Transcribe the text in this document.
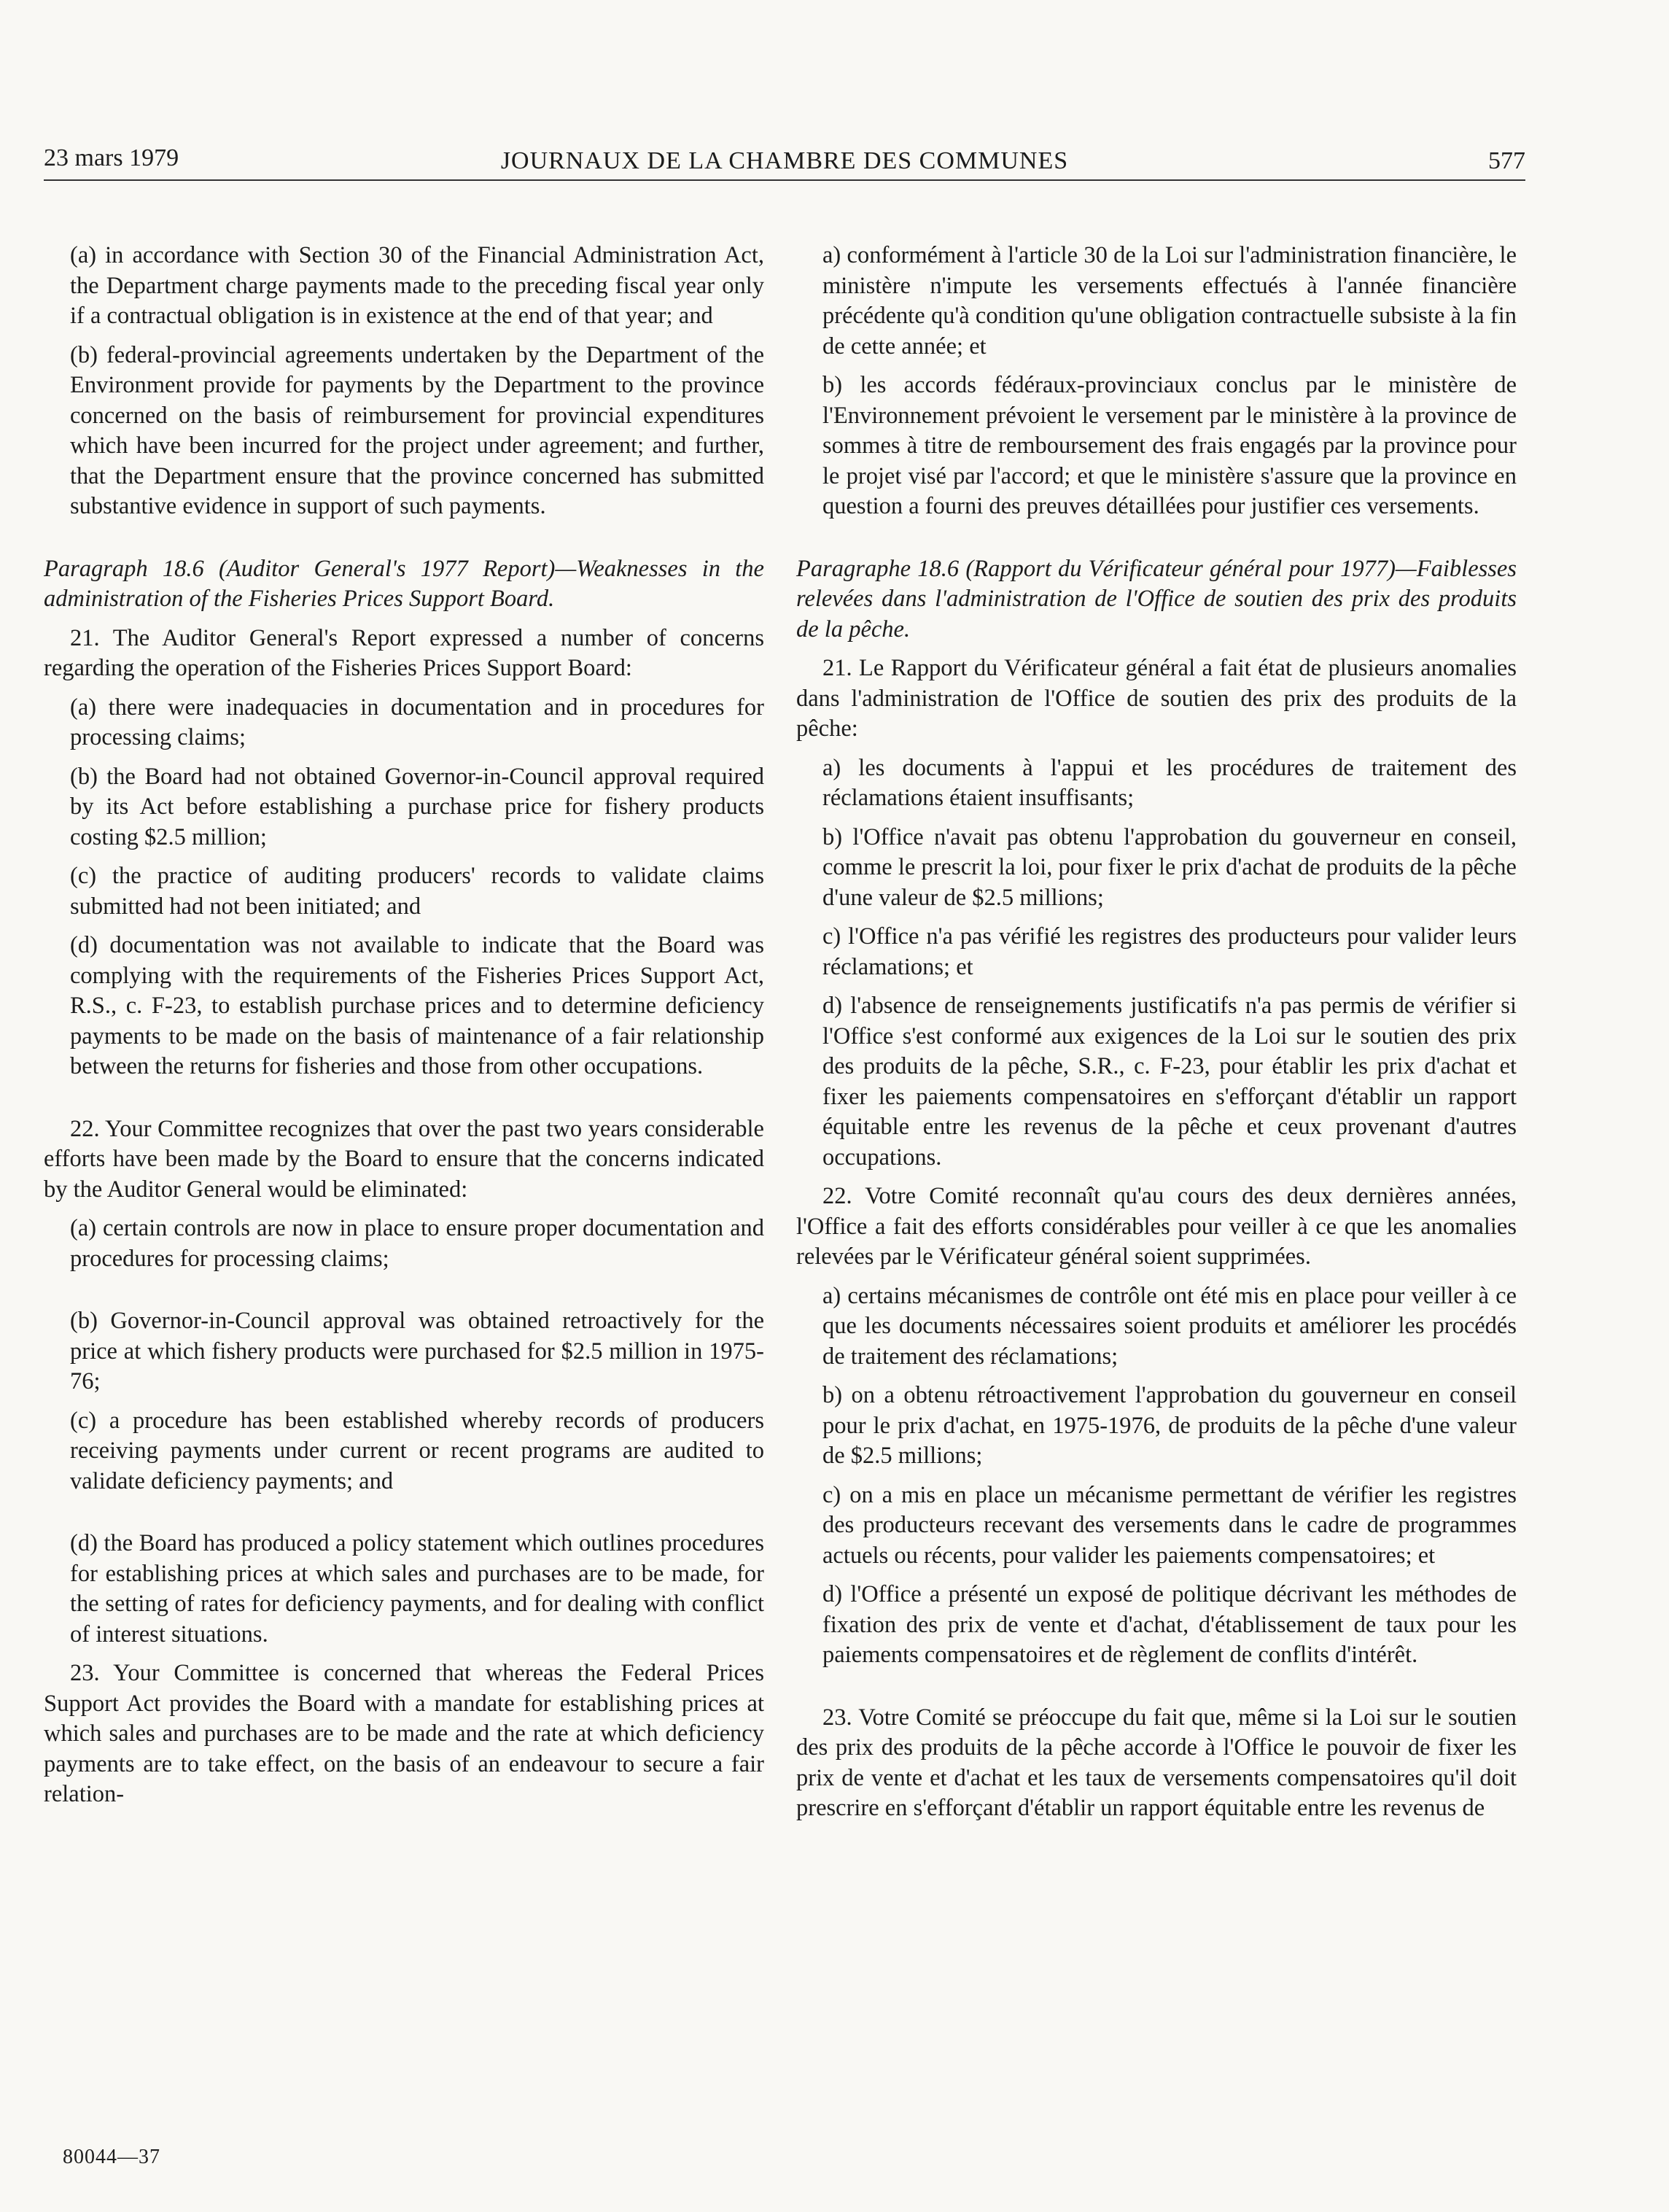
23 mars 1979	JOURNAUX DE LA CHAMBRE DES COMMUNES	577

(a) in accordance with Section 30 of the Financial Administration Act, the Department charge payments made to the preceding fiscal year only if a contractual obligation is in existence at the end of that year; and

(b) federal-provincial agreements undertaken by the Department of the Environment provide for payments by the Department to the province concerned on the basis of reimbursement for provincial expenditures which have been incurred for the project under agreement; and further, that the Department ensure that the province concerned has submitted substantive evidence in support of such payments.

Paragraph 18.6 (Auditor General's 1977 Report)—Weaknesses in the administration of the Fisheries Prices Support Board.

21. The Auditor General's Report expressed a number of concerns regarding the operation of the Fisheries Prices Support Board:

(a) there were inadequacies in documentation and in procedures for processing claims;

(b) the Board had not obtained Governor-in-Council approval required by its Act before establishing a purchase price for fishery products costing $2.5 million;

(c) the practice of auditing producers' records to validate claims submitted had not been initiated; and

(d) documentation was not available to indicate that the Board was complying with the requirements of the Fisheries Prices Support Act, R.S., c. F-23, to establish purchase prices and to determine deficiency payments to be made on the basis of maintenance of a fair relationship between the returns for fisheries and those from other occupations.

22. Your Committee recognizes that over the past two years considerable efforts have been made by the Board to ensure that the concerns indicated by the Auditor General would be eliminated:

(a) certain controls are now in place to ensure proper documentation and procedures for processing claims;

(b) Governor-in-Council approval was obtained retroactively for the price at which fishery products were purchased for $2.5 million in 1975-76;

(c) a procedure has been established whereby records of producers receiving payments under current or recent programs are audited to validate deficiency payments; and

(d) the Board has produced a policy statement which outlines procedures for establishing prices at which sales and purchases are to be made, for the setting of rates for deficiency payments, and for dealing with conflict of interest situations.

23. Your Committee is concerned that whereas the Federal Prices Support Act provides the Board with a mandate for establishing prices at which sales and purchases are to be made and the rate at which deficiency payments are to take effect, on the basis of an endeavour to secure a fair relation-

a) conformément à l'article 30 de la Loi sur l'administration financière, le ministère n'impute les versements effectués à l'année financière précédente qu'à condition qu'une obligation contractuelle subsiste à la fin de cette année; et

b) les accords fédéraux-provinciaux conclus par le ministère de l'Environnement prévoient le versement par le ministère à la province de sommes à titre de remboursement des frais engagés par la province pour le projet visé par l'accord; et que le ministère s'assure que la province en question a fourni des preuves détaillées pour justifier ces versements.

Paragraphe 18.6 (Rapport du Vérificateur général pour 1977)—Faiblesses relevées dans l'administration de l'Office de soutien des prix des produits de la pêche.

21. Le Rapport du Vérificateur général a fait état de plusieurs anomalies dans l'administration de l'Office de soutien des prix des produits de la pêche:

a) les documents à l'appui et les procédures de traitement des réclamations étaient insuffisants;

b) l'Office n'avait pas obtenu l'approbation du gouverneur en conseil, comme le prescrit la loi, pour fixer le prix d'achat de produits de la pêche d'une valeur de $2.5 millions;

c) l'Office n'a pas vérifié les registres des producteurs pour valider leurs réclamations; et

d) l'absence de renseignements justificatifs n'a pas permis de vérifier si l'Office s'est conformé aux exigences de la Loi sur le soutien des prix des produits de la pêche, S.R., c. F-23, pour établir les prix d'achat et fixer les paiements compensatoires en s'efforçant d'établir un rapport équitable entre les revenus de la pêche et ceux provenant d'autres occupations.

22. Votre Comité reconnaît qu'au cours des deux dernières années, l'Office a fait des efforts considérables pour veiller à ce que les anomalies relevées par le Vérificateur général soient supprimées.

a) certains mécanismes de contrôle ont été mis en place pour veiller à ce que les documents nécessaires soient produits et améliorer les procédés de traitement des réclamations;

b) on a obtenu rétroactivement l'approbation du gouverneur en conseil pour le prix d'achat, en 1975-1976, de produits de la pêche d'une valeur de $2.5 millions;

c) on a mis en place un mécanisme permettant de vérifier les registres des producteurs recevant des versements dans le cadre de programmes actuels ou récents, pour valider les paiements compensatoires; et

d) l'Office a présenté un exposé de politique décrivant les méthodes de fixation des prix de vente et d'achat, d'établissement de taux pour les paiements compensatoires et de règlement de conflits d'intérêt.

23. Votre Comité se préoccupe du fait que, même si la Loi sur le soutien des prix des produits de la pêche accorde à l'Office le pouvoir de fixer les prix de vente et d'achat et les taux de versements compensatoires qu'il doit prescrire en s'efforçant d'établir un rapport équitable entre les revenus de

80044—37
